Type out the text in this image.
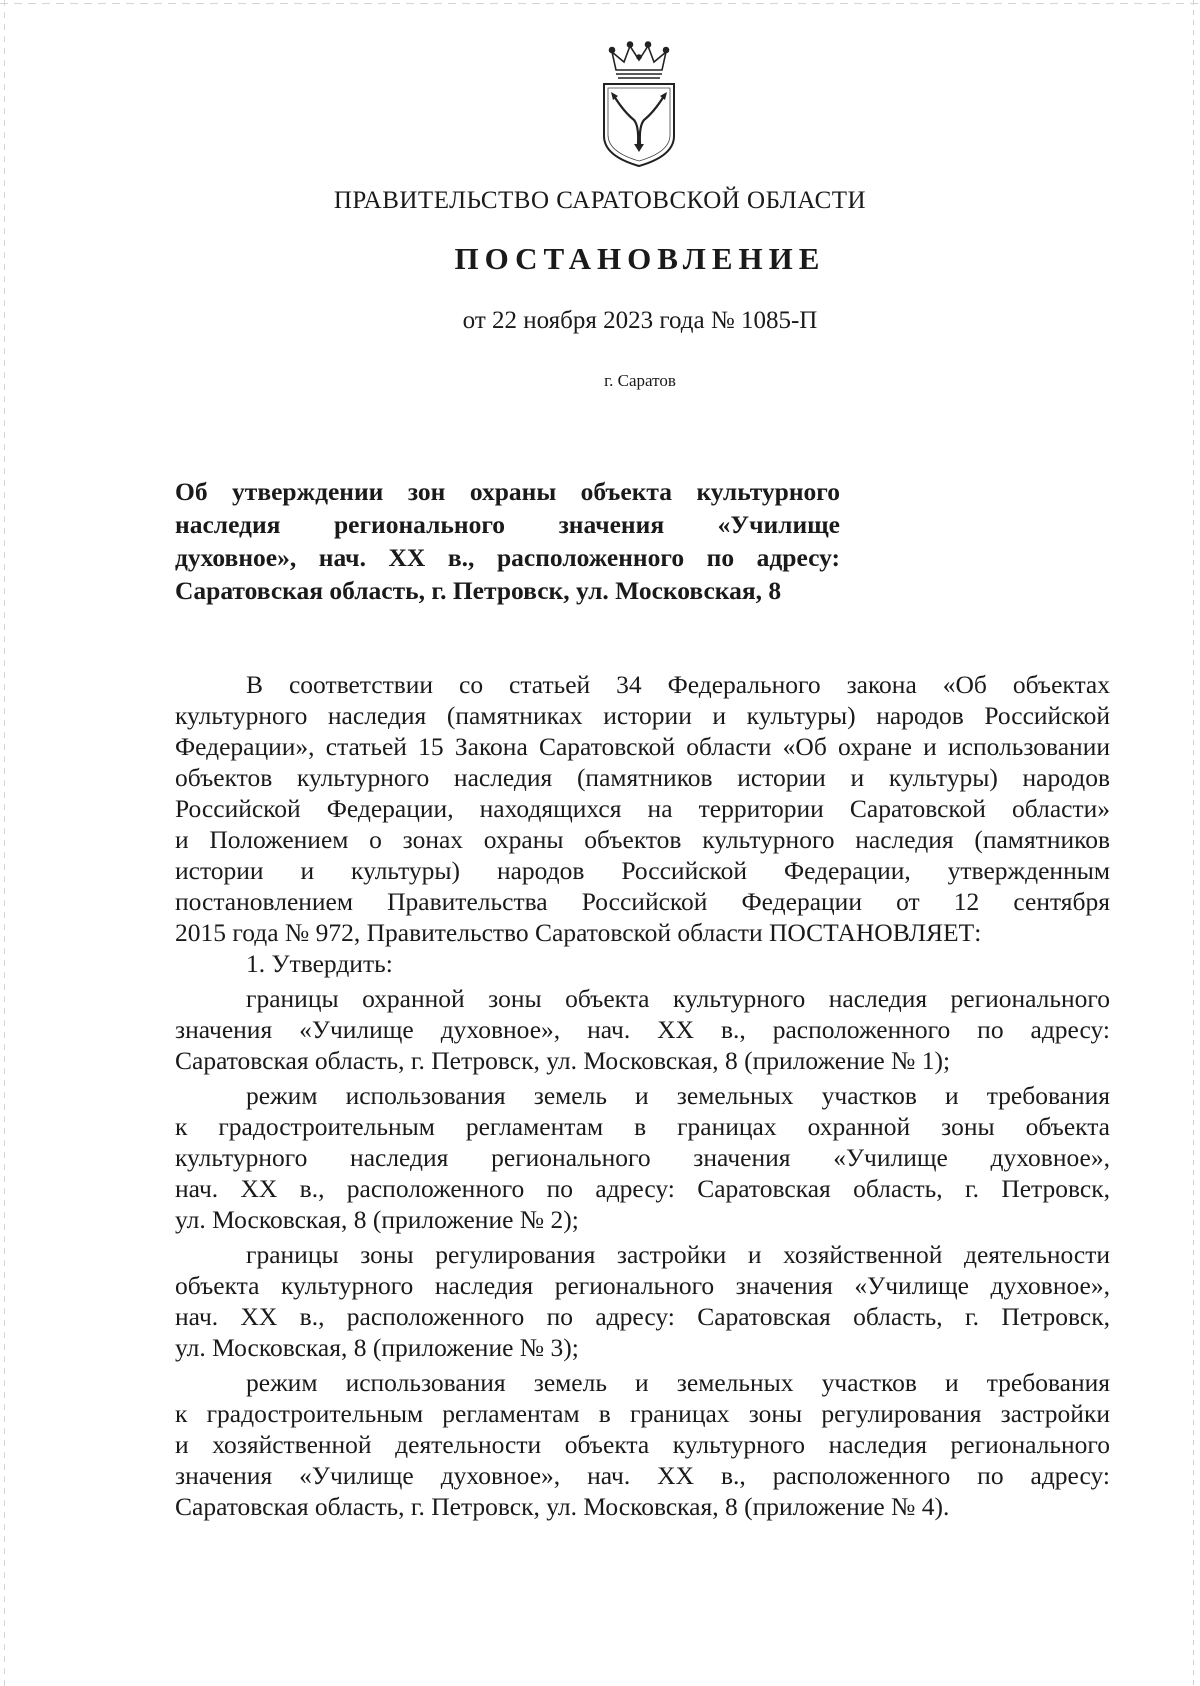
ПРАВИТЕЛЬСТВО САРАТОВСКОЙ ОБЛАСТИ
ПОСТАНОВЛЕНИЕ
от 22 ноября 2023 года № 1085-П
г. Саратов
Об утверждении зон охраны объекта культурного
наследия регионального значения «Училище
духовное», нач. XX в., расположенного по адресу:
Саратовская область, г. Петровск, ул. Московская, 8
В соответствии со статьей 34 Федерального закона «Об объектах
культурного наследия (памятниках истории и культуры) народов Российской
Федерации», статьей 15 Закона Саратовской области «Об охране и использовании
объектов культурного наследия (памятников истории и культуры) народов
Российской Федерации, находящихся на территории Саратовской области»
и Положением о зонах охраны объектов культурного наследия (памятников
истории и культуры) народов Российской Федерации, утвержденным
постановлением Правительства Российской Федерации от 12 сентября
2015 года № 972, Правительство Саратовской области ПОСТАНОВЛЯЕТ:
1. Утвердить:
границы охранной зоны объекта культурного наследия регионального
значения «Училище духовное», нач. XX в., расположенного по адресу:
Саратовская область, г. Петровск, ул. Московская, 8 (приложение № 1);
режим использования земель и земельных участков и требования
к градостроительным регламентам в границах охранной зоны объекта
культурного наследия регионального значения «Училище духовное»,
нач. XX в., расположенного по адресу: Саратовская область, г. Петровск,
ул. Московская, 8 (приложение № 2);
границы зоны регулирования застройки и хозяйственной деятельности
объекта культурного наследия регионального значения «Училище духовное»,
нач. XX в., расположенного по адресу: Саратовская область, г. Петровск,
ул. Московская, 8 (приложение № 3);
режим использования земель и земельных участков и требования
к градостроительным регламентам в границах зоны регулирования застройки
и хозяйственной деятельности объекта культурного наследия регионального
значения «Училище духовное», нач. XX в., расположенного по адресу:
Саратовская область, г. Петровск, ул. Московская, 8 (приложение № 4).
